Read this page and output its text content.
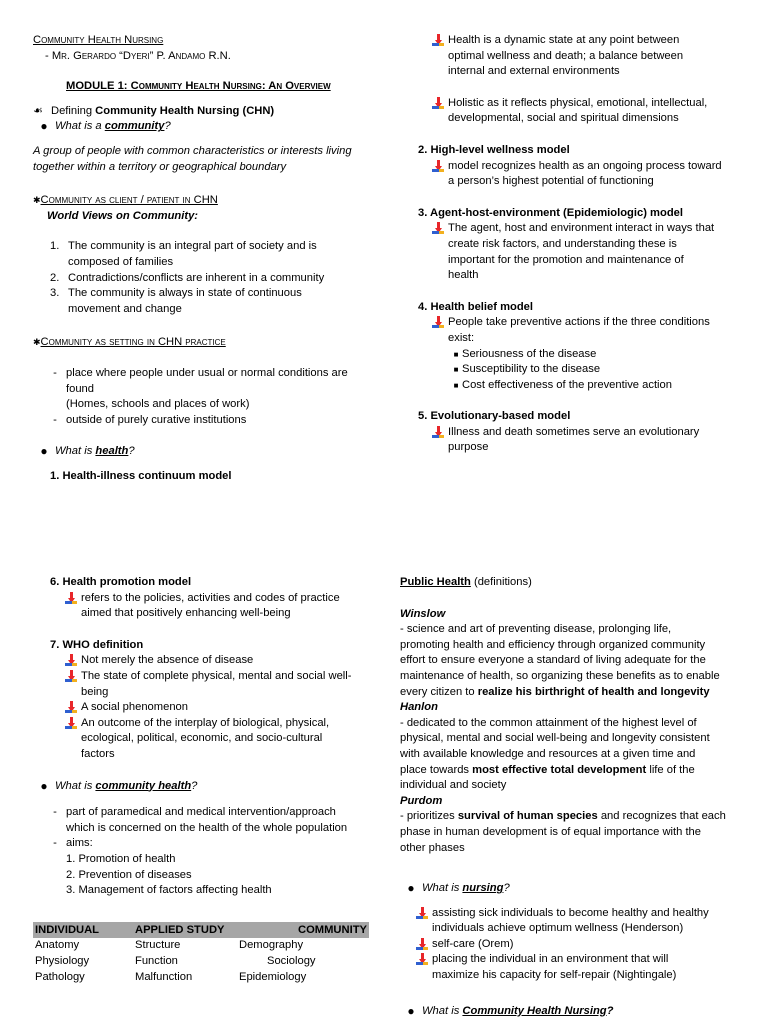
Community Health Nursing
- Mr. Gerardo “Dyeri” P. Andamo R.N.
MODULE 1: Community Health Nursing: An Overview
☙ Defining Community Health Nursing (CHN)
● What is a community?
A group of people with common characteristics or interests living together within a territory or geographical boundary
✱Community as client / patient in CHN
World Views on Community:
1. The community is an integral part of society and is
composed of families
2. Contradictions/conflicts are inherent in a community
3. The community is always in state of continuous
movement and change
✱Community as setting in CHN practice
- place where people under usual or normal conditions are
found
(Homes, schools and places of work)
- outside of purely curative institutions
● What is health?
1. Health-illness continuum model
Health is a dynamic state at any point between
optimal wellness and death; a balance between
internal and external environments
Holistic as it reflects physical, emotional, intellectual,
developmental, social and spiritual dimensions
2. High-level wellness model
model recognizes health as an ongoing process toward
a person’s highest potential of functioning
3. Agent-host-environment (Epidemiologic) model
The agent, host and environment interact in ways that
create risk factors, and understanding these is
important for the promotion and maintenance of
health
4. Health belief model
People take preventive actions if the three conditions
exist:
■ Seriousness of the disease
■ Susceptibility to the disease
■ Cost effectiveness of the preventive action
5. Evolutionary-based model
Illness and death sometimes serve an evolutionary
purpose
6. Health promotion model
refers to the policies, activities and codes of practice
aimed that positively enhancing well-being
7. WHO definition
Not merely the absence of disease
The state of complete physical, mental and social well-
being
A social phenomenon
An outcome of the interplay of biological, physical,
ecological, political, economic, and socio-cultural
factors
● What is community health?
- part of paramedical and medical intervention/approach
which is concerned on the health of the whole population
- aims:
1. Promotion of health
2. Prevention of diseases
3. Management of factors affecting health
INDIVIDUAL	APPLIED STUDY	COMMUNITY
Anatomy	Structure	Demography
Physiology	Function	Sociology
Pathology	Malfunction	Epidemiology
Public Health (definitions)
Winslow
- science and art of preventing disease, prolonging life,
promoting health and efficiency through organized community
effort to ensure everyone a standard of living adequate for the
maintenance of health, so organizing these benefits as to enable
every citizen to realize his birthright of health and longevity
Hanlon
- dedicated to the common attainment of the highest level of
physical, mental and social well-being and longevity consistent
with available knowledge and resources at a given time and
place towards most effective total development life of the
individual and society
Purdom
- prioritizes survival of human species and recognizes that each
phase in human development is of equal importance with the
other phases
● What is nursing?
assisting sick individuals to become healthy and healthy
individuals achieve optimum wellness (Henderson)
self-care (Orem)
placing the individual in an environment that will
maximize his capacity for self-repair (Nightingale)
● What is Community Health Nursing?
